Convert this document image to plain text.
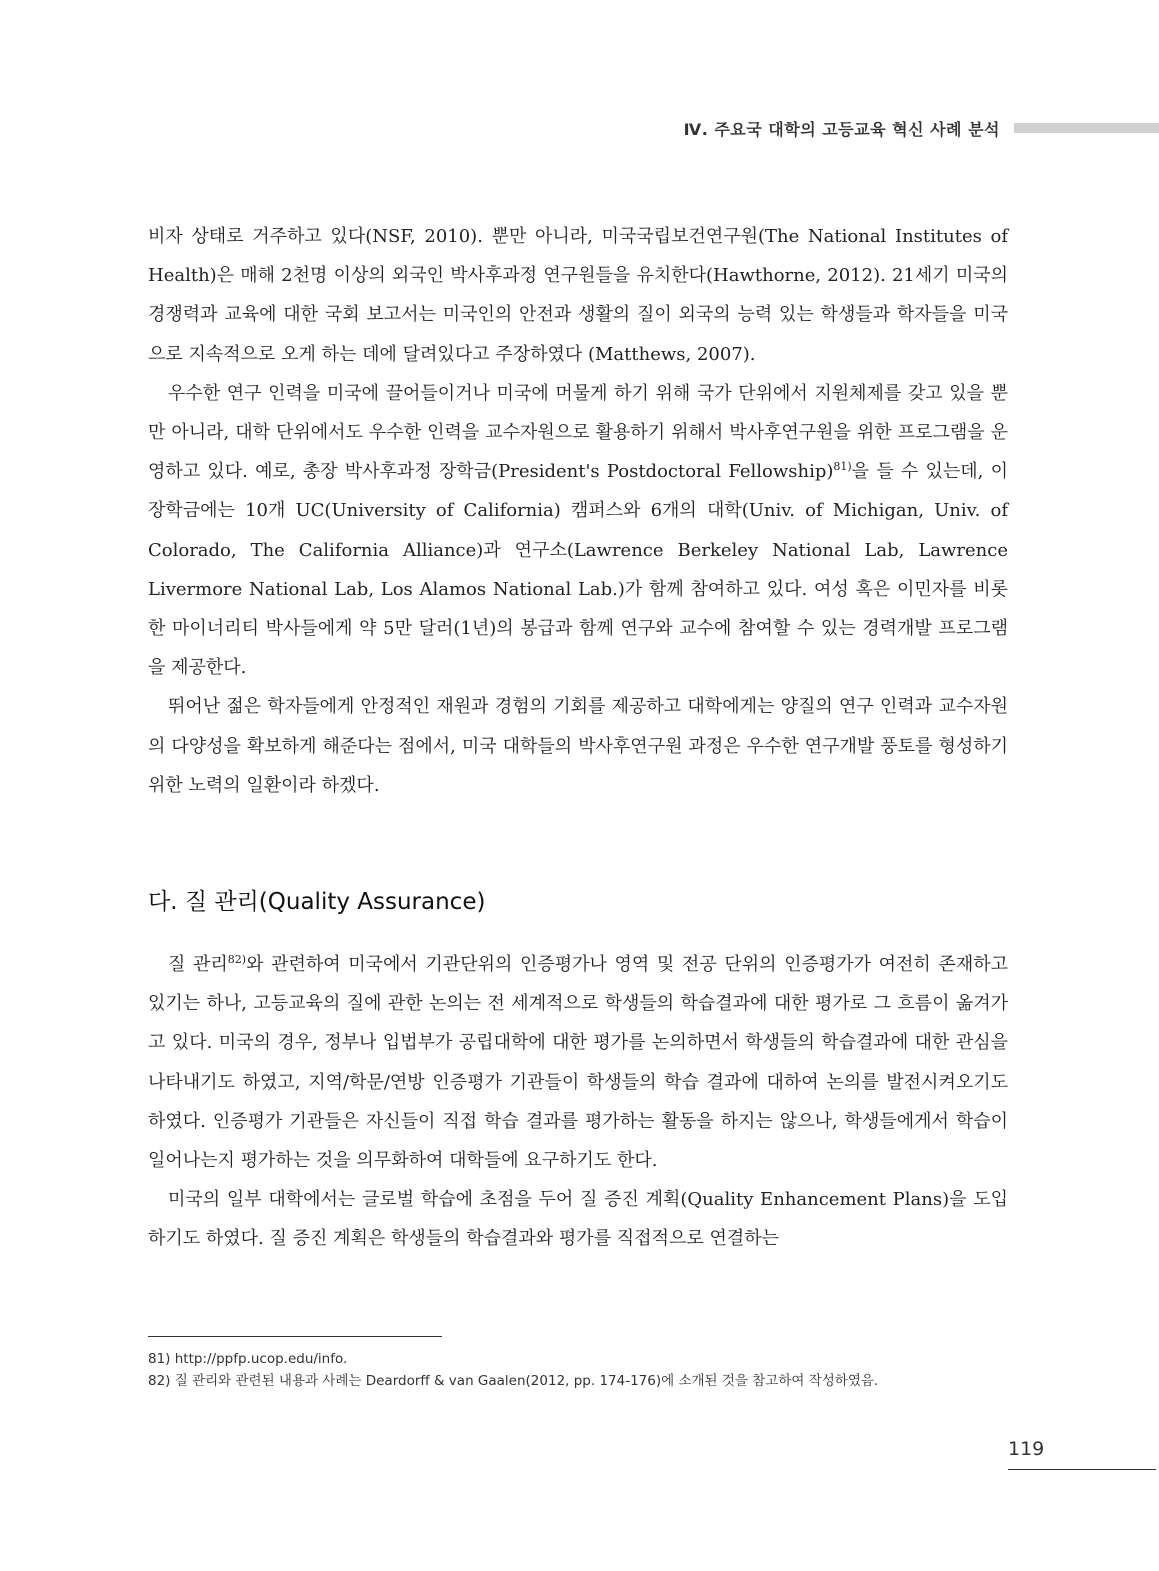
Ⅳ. 주요국 대학의 고등교육 혁신 사례 분석

비자 상태로 거주하고 있다(NSF, 2010). 뿐만 아니라, 미국국립보건연구원(The National Institutes of Health)은 매해 2천명 이상의 외국인 박사후과정 연구원들을 유치한다(Hawthorne, 2012). 21세기 미국의 경쟁력과 교육에 대한 국회 보고서는 미국인의 안전과 생활의 질이 외국의 능력 있는 학생들과 학자들을 미국으로 지속적으로 오게 하는 데에 달려있다고 주장하였다 (Matthews, 2007).

우수한 연구 인력을 미국에 끌어들이거나 미국에 머물게 하기 위해 국가 단위에서 지원체제를 갖고 있을 뿐만 아니라, 대학 단위에서도 우수한 인력을 교수자원으로 활용하기 위해서 박사후연구원을 위한 프로그램을 운영하고 있다. 예로, 총장 박사후과정 장학금(President's Postdoctoral Fellowship)$^{81)}$을 들 수 있는데, 이 장학금에는 10개 UC(University of California) 캠퍼스와 6개의 대학(Univ. of Michigan, Univ. of Colorado, The California Alliance)과 연구소(Lawrence Berkeley National Lab, Lawrence Livermore National Lab, Los Alamos National Lab.)가 함께 참여하고 있다. 여성 혹은 이민자를 비롯한 마이너리티 박사들에게 약 5만 달러(1년)의 봉급과 함께 연구와 교수에 참여할 수 있는 경력개발 프로그램을 제공한다.

뛰어난 젊은 학자들에게 안정적인 재원과 경험의 기회를 제공하고 대학에게는 양질의 연구 인력과 교수자원의 다양성을 확보하게 해준다는 점에서, 미국 대학들의 박사후연구원 과정은 우수한 연구개발 풍토를 형성하기 위한 노력의 일환이라 하겠다.

다. 질 관리(Quality Assurance)

질 관리$^{82)}$와 관련하여 미국에서 기관단위의 인증평가나 영역 및 전공 단위의 인증평가가 여전히 존재하고 있기는 하나, 고등교육의 질에 관한 논의는 전 세계적으로 학생들의 학습결과에 대한 평가로 그 흐름이 옮겨가고 있다. 미국의 경우, 정부나 입법부가 공립대학에 대한 평가를 논의하면서 학생들의 학습결과에 대한 관심을 나타내기도 하였고, 지역/학문/연방 인증평가 기관들이 학생들의 학습 결과에 대하여 논의를 발전시켜오기도 하였다. 인증평가 기관들은 자신들이 직접 학습 결과를 평가하는 활동을 하지는 않으나, 학생들에게서 학습이 일어나는지 평가하는 것을 의무화하여 대학들에 요구하기도 한다.

미국의 일부 대학에서는 글로벌 학습에 초점을 두어 질 증진 계획(Quality Enhancement Plans)을 도입하기도 하였다. 질 증진 계획은 학생들의 학습결과와 평가를 직접적으로 연결하는

81) http://ppfp.ucop.edu/info.

82) 질 관리와 관련된 내용과 사례는 Deardorff & van Gaalen(2012, pp. 174-176)에 소개된 것을 참고하여 작성하였음.

119
